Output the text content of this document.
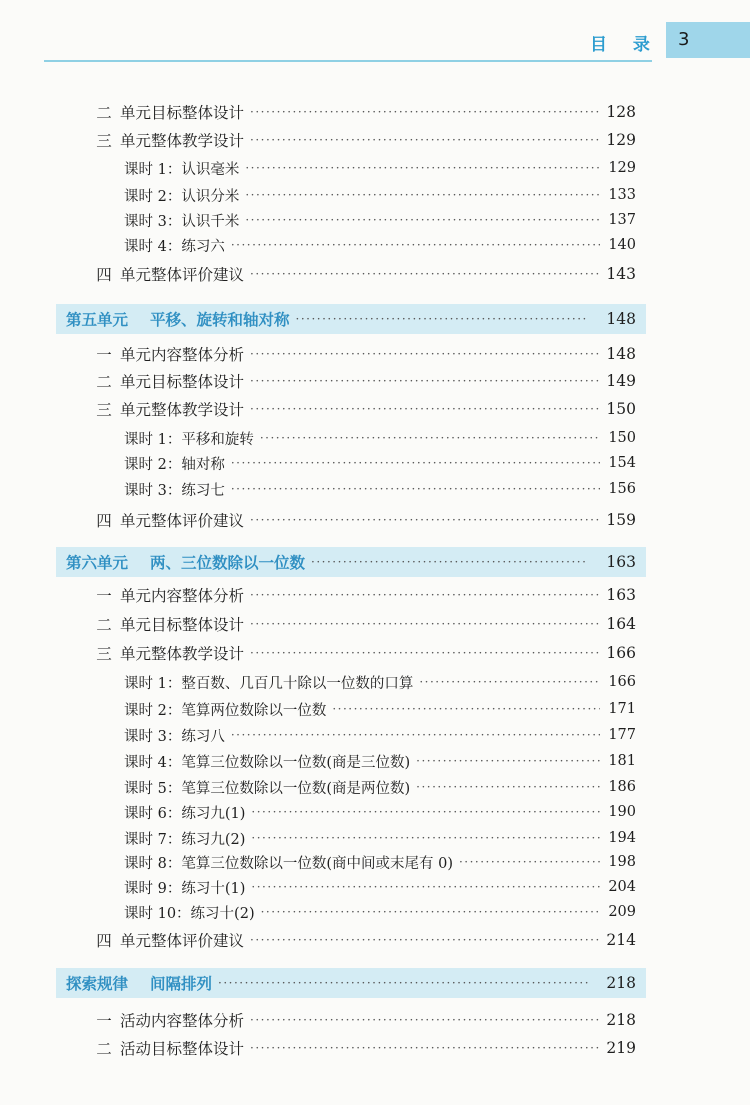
3
目 录
二 单元目标整体设计 ·····	128
三 单元整体教学设计 ·····	129
课时 1：认识毫米 ·····	129
课时 2：认识分米 ·····	133
课时 3：认识千米 ·····	137
课时 4：练习六 ·····	140
四 单元整体评价建议 ·····	143
第五单元 平移、旋转和轴对称 ·····	148
一 单元内容整体分析 ·····	148
二 单元目标整体设计 ·····	149
三 单元整体教学设计 ·····	150
课时 1：平移和旋转 ·····	150
课时 2：轴对称 ·····	154
课时 3：练习七 ·····	156
四 单元整体评价建议 ·····	159
第六单元 两、三位数除以一位数 ·····	163
一 单元内容整体分析 ·····	163
二 单元目标整体设计 ·····	164
三 单元整体教学设计 ·····	166
课时 1：整百数、几百几十除以一位数的口算 ·····	166
课时 2：笔算两位数除以一位数 ·····	171
课时 3：练习八 ·····	177
课时 4：笔算三位数除以一位数(商是三位数) ·····	181
课时 5：笔算三位数除以一位数(商是两位数) ·····	186
课时 6：练习九(1) ·····	190
课时 7：练习九(2) ·····	194
课时 8：笔算三位数除以一位数(商中间或末尾有 0) ·····	198
课时 9：练习十(1) ·····	204
课时 10：练习十(2) ·····	209
四 单元整体评价建议 ·····	214
探索规律 间隔排列 ·····	218
一 活动内容整体分析 ·····	218
二 活动目标整体设计 ·····	219
